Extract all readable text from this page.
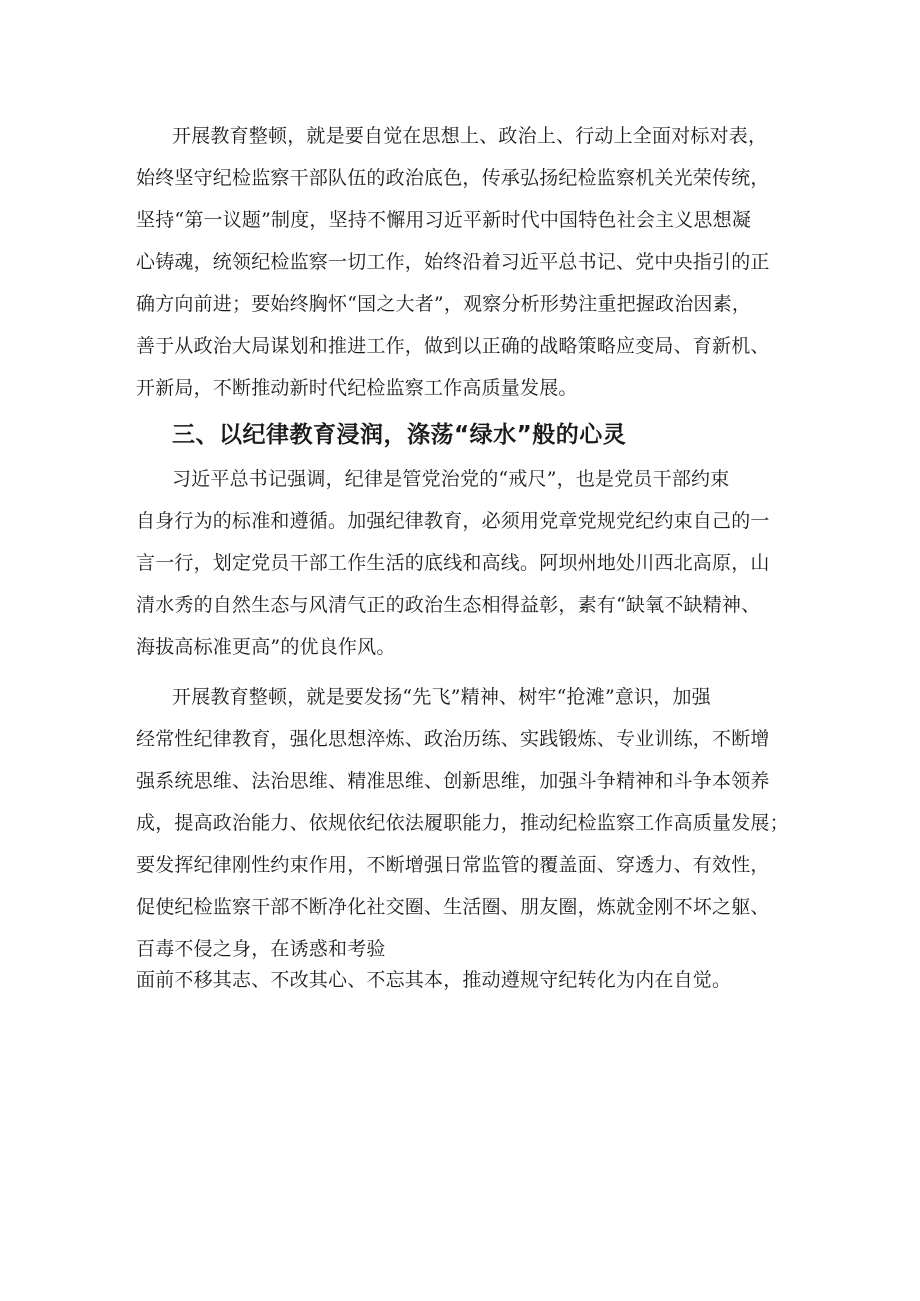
开展教育整顿，就是要自觉在思想上、政治上、行动上全面对标对表，
始终坚守纪检监察干部队伍的政治底色，传承弘扬纪检监察机关光荣传统，
坚持“第一议题”制度，坚持不懈用习近平新时代中国特色社会主义思想凝
心铸魂，统领纪检监察一切工作，始终沿着习近平总书记、党中央指引的正
确方向前进；要始终胸怀“国之大者”，观察分析形势注重把握政治因素，
善于从政治大局谋划和推进工作，做到以正确的战略策略应变局、育新机、
开新局，不断推动新时代纪检监察工作高质量发展。
三、以纪律教育浸润，涤荡“绿水”般的心灵
习近平总书记强调，纪律是管党治党的“戒尺”，也是党员干部约束
自身行为的标准和遵循。加强纪律教育，必须用党章党规党纪约束自己的一
言一行，划定党员干部工作生活的底线和高线。阿坝州地处川西北高原，山
清水秀的自然生态与风清气正的政治生态相得益彰，素有“缺氧不缺精神、
海拔高标准更高”的优良作风。
开展教育整顿，就是要发扬“先飞”精神、树牢“抢滩”意识，加强
经常性纪律教育，强化思想淬炼、政治历练、实践锻炼、专业训练，不断增
强系统思维、法治思维、精准思维、创新思维，加强斗争精神和斗争本领养
成，提高政治能力、依规依纪依法履职能力，推动纪检监察工作高质量发展；
要发挥纪律刚性约束作用，不断增强日常监管的覆盖面、穿透力、有效性，
促使纪检监察干部不断净化社交圈、生活圈、朋友圈，炼就金刚不坏之躯、
百毒不侵之身，在诱惑和考验
面前不移其志、不改其心、不忘其本，推动遵规守纪转化为内在自觉。
